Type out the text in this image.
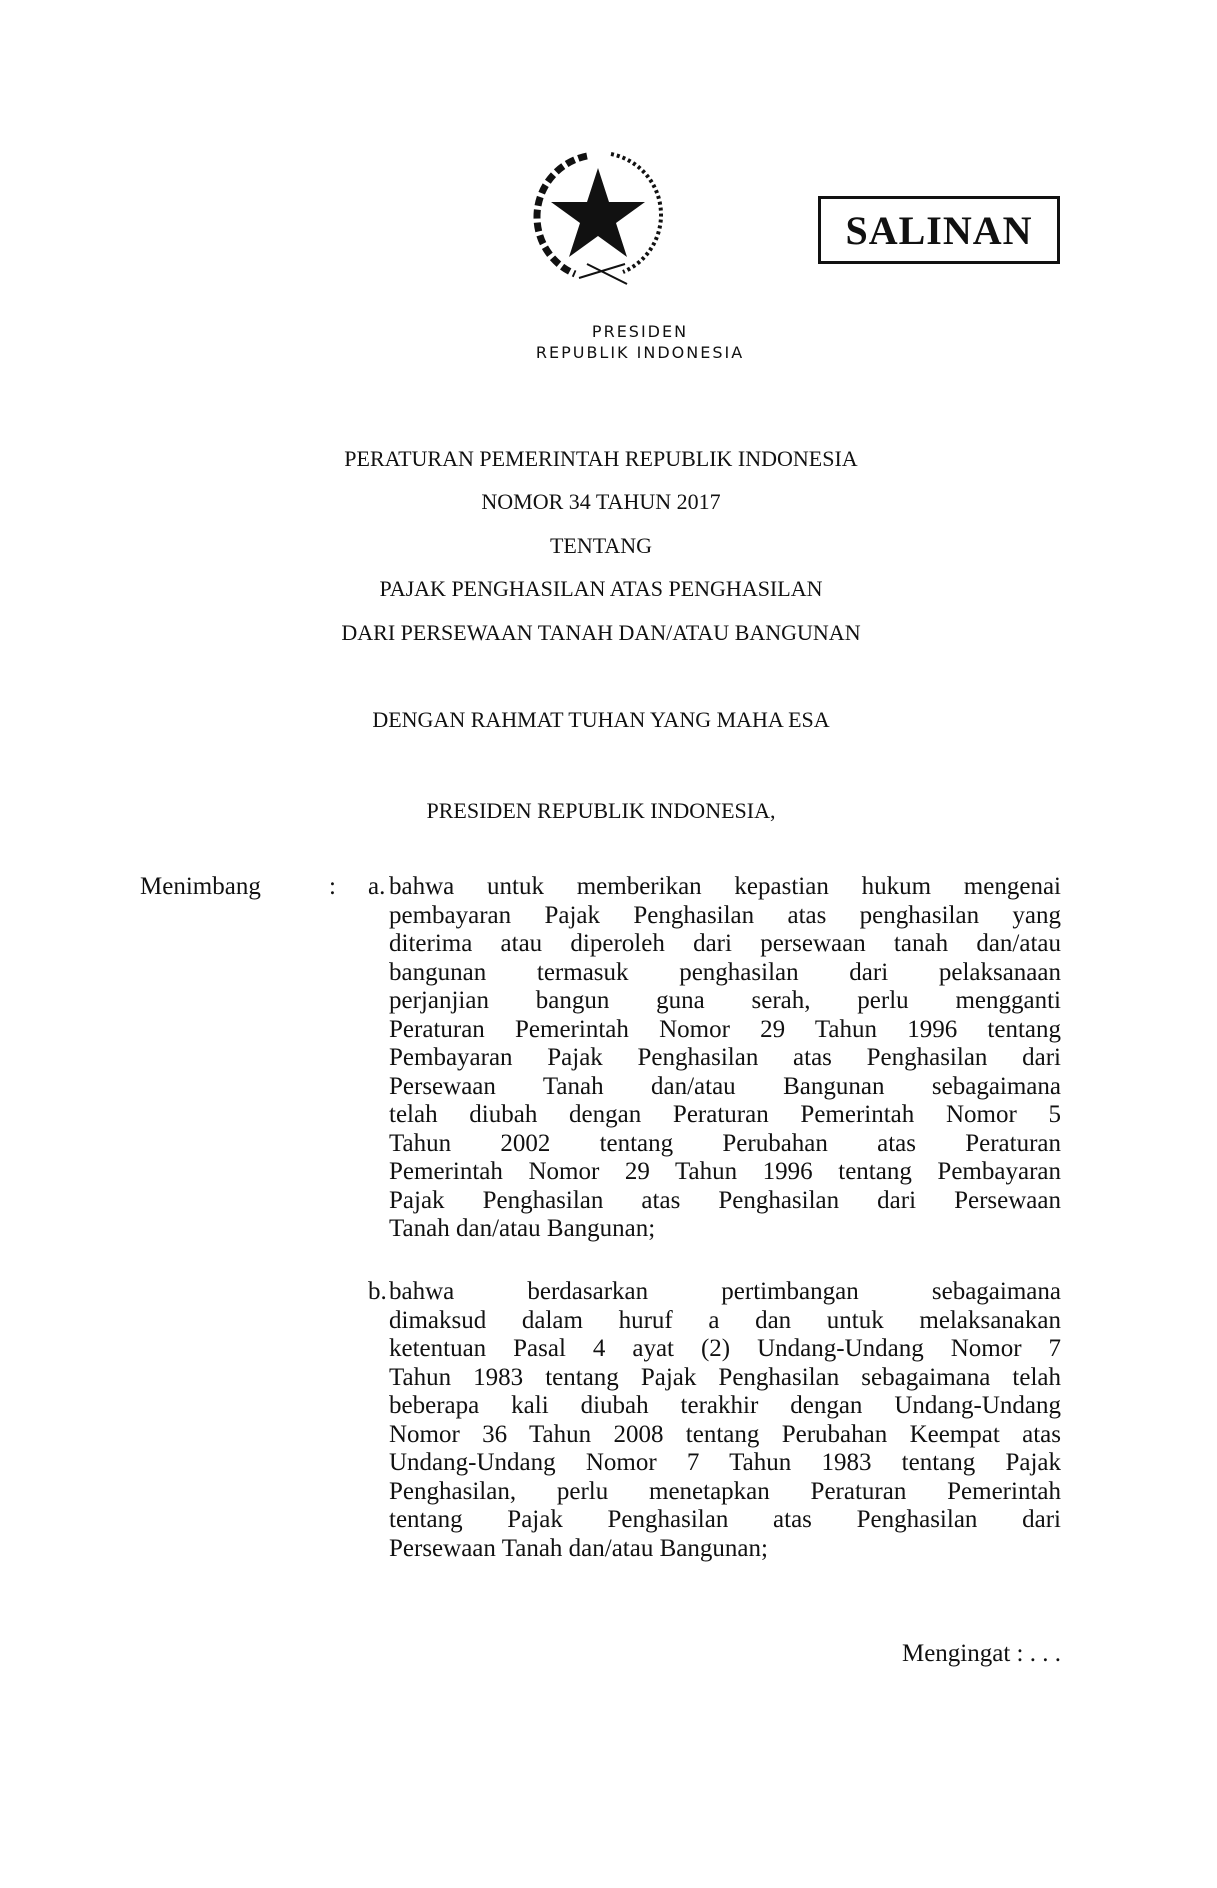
SALINAN
PRESIDEN
REPUBLIK INDONESIA
PERATURAN PEMERINTAH REPUBLIK INDONESIA
NOMOR 34 TAHUN 2017
TENTANG
PAJAK PENGHASILAN ATAS PENGHASILAN
DARI PERSEWAAN TANAH DAN/ATAU BANGUNAN
DENGAN RAHMAT TUHAN YANG MAHA ESA
PRESIDEN REPUBLIK INDONESIA,
Menimbang	: a. bahwa untuk memberikan kepastian hukum mengenai
pembayaran Pajak Penghasilan atas penghasilan yang
diterima atau diperoleh dari persewaan tanah dan/atau
bangunan termasuk penghasilan dari pelaksanaan
perjanjian bangun guna serah, perlu mengganti
Peraturan Pemerintah Nomor 29 Tahun 1996 tentang
Pembayaran Pajak Penghasilan atas Penghasilan dari
Persewaan Tanah dan/atau Bangunan sebagaimana
telah diubah dengan Peraturan Pemerintah Nomor 5
Tahun 2002 tentang Perubahan atas Peraturan
Pemerintah Nomor 29 Tahun 1996 tentang Pembayaran
Pajak Penghasilan atas Penghasilan dari Persewaan
Tanah dan/atau Bangunan;
b. bahwa berdasarkan pertimbangan sebagaimana
dimaksud dalam huruf a dan untuk melaksanakan
ketentuan Pasal 4 ayat (2) Undang-Undang Nomor 7
Tahun 1983 tentang Pajak Penghasilan sebagaimana telah
beberapa kali diubah terakhir dengan Undang-Undang
Nomor 36 Tahun 2008 tentang Perubahan Keempat atas
Undang-Undang Nomor 7 Tahun 1983 tentang Pajak
Penghasilan, perlu menetapkan Peraturan Pemerintah
tentang Pajak Penghasilan atas Penghasilan dari
Persewaan Tanah dan/atau Bangunan;
Mengingat : . . .
